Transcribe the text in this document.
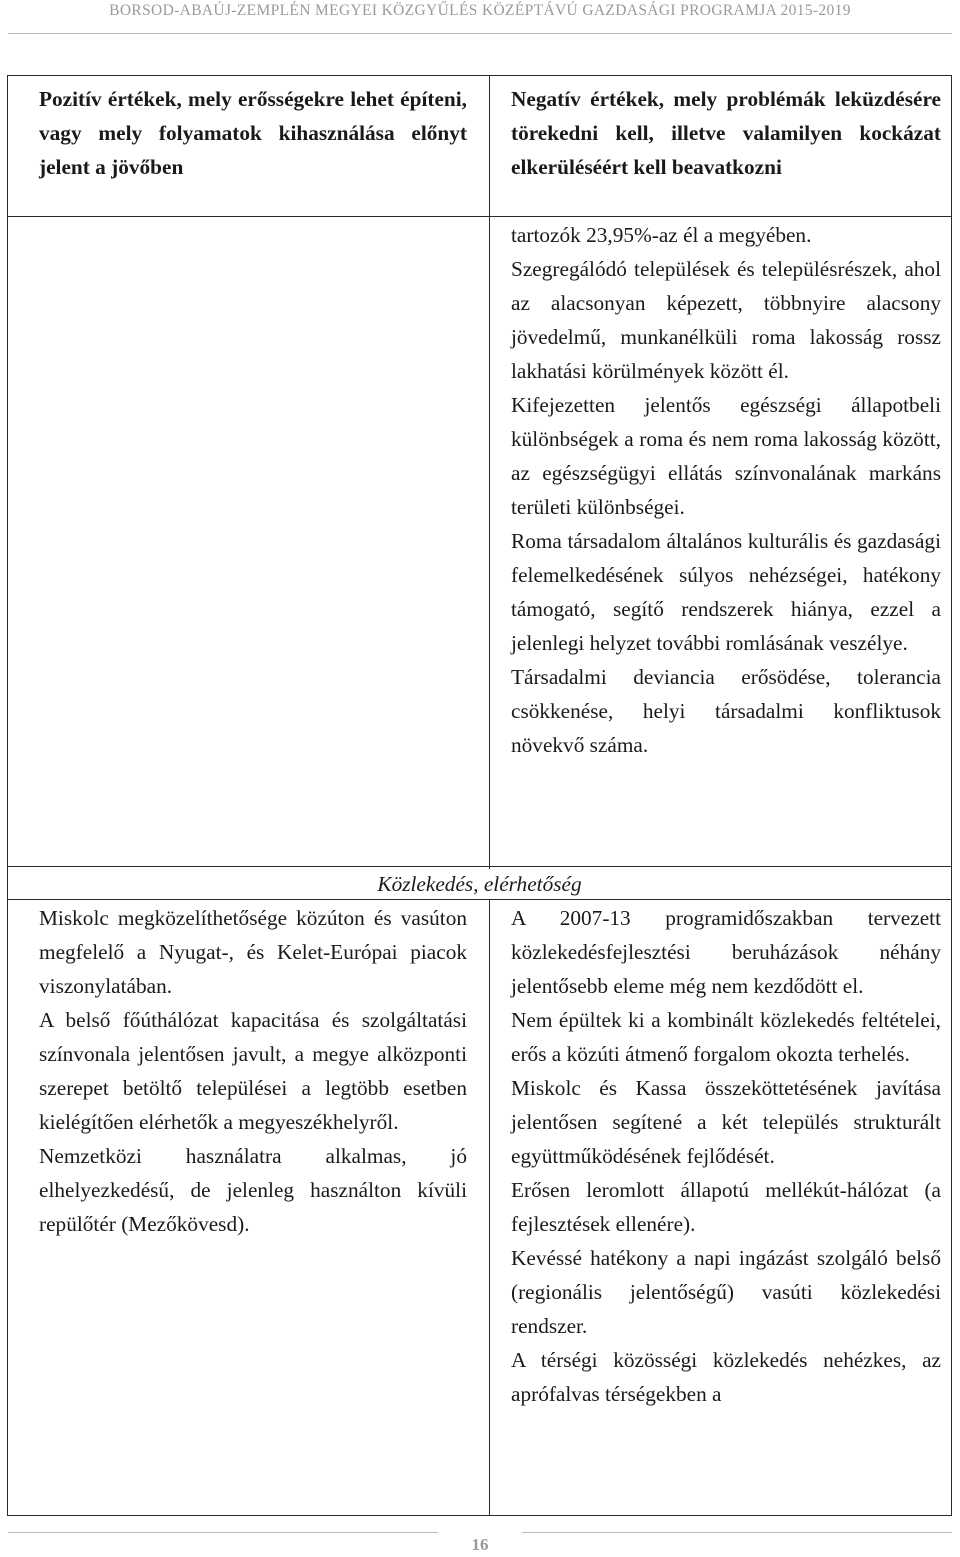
BORSOD-ABAÚJ-ZEMPLÉN MEGYEI KÖZGYŰLÉS KÖZÉPTÁVÚ GAZDASÁGI PROGRAMJA 2015-2019
Pozitív értékek, mely erősségekre lehet építeni, vagy mely folyamatok kihasználása előnyt jelent a jövőben
Negatív értékek, mely problémák leküzdésére törekedni kell, illetve valamilyen kockázat elkerüléséért kell beavatkozni

tartozók 23,95%-az él a megyében.

Szegregálódó települések és településrészek, ahol az alacsonyan képezett, többnyire alacsony jövedelmű, munkanélküli roma lakosság rossz lakhatási körülmények között él.

Kifejezetten jelentős egészségi állapotbeli különbségek a roma és nem roma lakosság között, az egészségügyi ellátás színvonalának markáns területi különbségei.

Roma társadalom általános kulturális és gazdasági felemelkedésének súlyos nehézségei, hatékony támogató, segítő rendszerek hiánya, ezzel a jelenlegi helyzet további romlásának veszélye.

Társadalmi deviancia erősödése, tolerancia csökkenése, helyi társadalmi konfliktusok növekvő száma.

Közlekedés, elérhetőség

Miskolc megközelíthetősége közúton és vasúton megfelelő a Nyugat-, és Kelet-Európai piacok viszonylatában.

A belső főúthálózat kapacitása és szolgáltatási színvonala jelentősen javult, a megye alközponti szerepet betöltő települései a legtöbb esetben kielégítően elérhetők a megyeszékhelyről.

Nemzetközi használatra alkalmas, jó elhelyezkedésű, de jelenleg használton kívüli repülőtér (Mezőkövesd).

A 2007-13 programidőszakban tervezett közlekedésfejlesztési beruházások néhány jelentősebb eleme még nem kezdődött el.

Nem épültek ki a kombinált közlekedés feltételei, erős a közúti átmenő forgalom okozta terhelés.

Miskolc és Kassa összeköttetésének javítása jelentősen segítené a két település strukturált együttműködésének fejlődését.

Erősen leromlott állapotú mellékút-hálózat (a fejlesztések ellenére).

Kevéssé hatékony a napi ingázást szolgáló belső (regionális jelentőségű) vasúti közlekedési rendszer.

A térségi közösségi közlekedés nehézkes, az aprófalvas térségekben a

16
